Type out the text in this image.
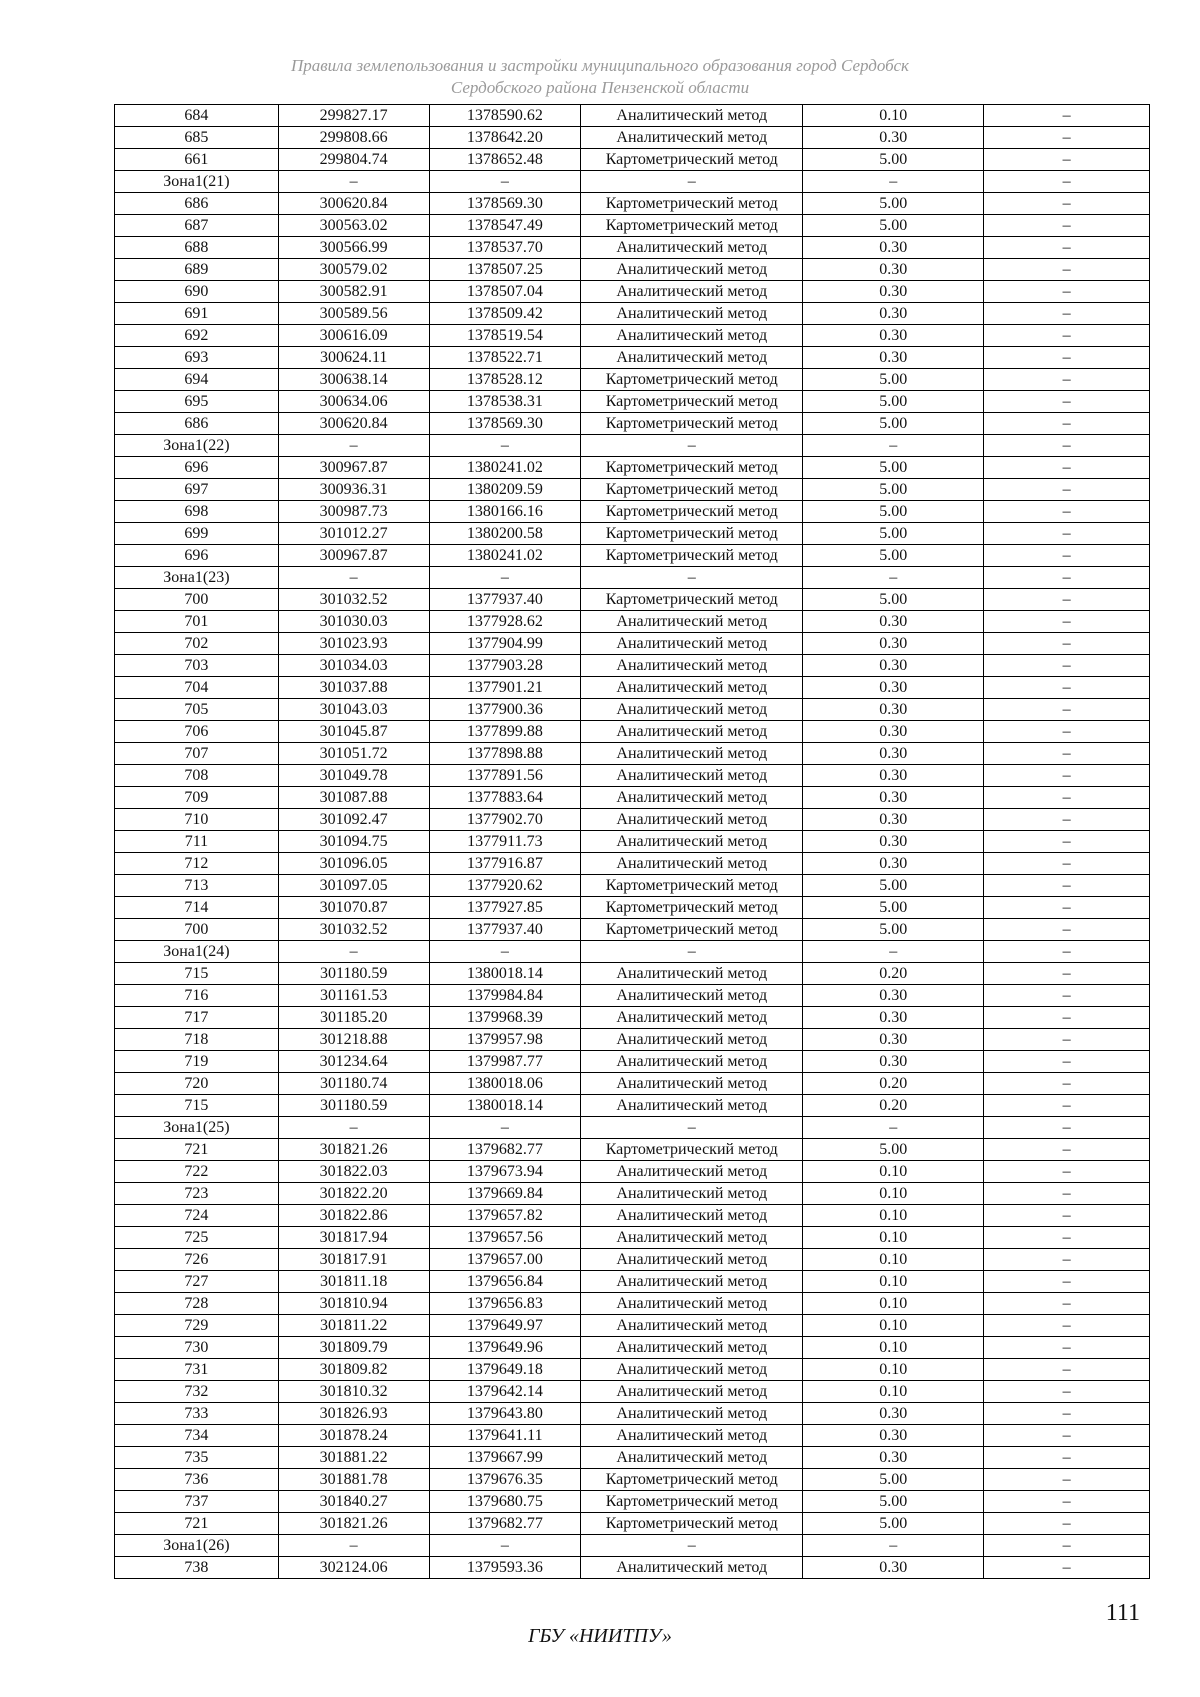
Правила землепользования и застройки муниципального образования город Сердобск
Сердобского района Пензенской области
684	299827.17	1378590.62	Аналитический метод	0.10	–
685	299808.66	1378642.20	Аналитический метод	0.30	–
661	299804.74	1378652.48	Картометрический метод	5.00	–
Зона1(21)	–	–	–	–	–
686	300620.84	1378569.30	Картометрический метод	5.00	–
687	300563.02	1378547.49	Картометрический метод	5.00	–
688	300566.99	1378537.70	Аналитический метод	0.30	–
689	300579.02	1378507.25	Аналитический метод	0.30	–
690	300582.91	1378507.04	Аналитический метод	0.30	–
691	300589.56	1378509.42	Аналитический метод	0.30	–
692	300616.09	1378519.54	Аналитический метод	0.30	–
693	300624.11	1378522.71	Аналитический метод	0.30	–
694	300638.14	1378528.12	Картометрический метод	5.00	–
695	300634.06	1378538.31	Картометрический метод	5.00	–
686	300620.84	1378569.30	Картометрический метод	5.00	–
Зона1(22)	–	–	–	–	–
696	300967.87	1380241.02	Картометрический метод	5.00	–
697	300936.31	1380209.59	Картометрический метод	5.00	–
698	300987.73	1380166.16	Картометрический метод	5.00	–
699	301012.27	1380200.58	Картометрический метод	5.00	–
696	300967.87	1380241.02	Картометрический метод	5.00	–
Зона1(23)	–	–	–	–	–
700	301032.52	1377937.40	Картометрический метод	5.00	–
701	301030.03	1377928.62	Аналитический метод	0.30	–
702	301023.93	1377904.99	Аналитический метод	0.30	–
703	301034.03	1377903.28	Аналитический метод	0.30	–
704	301037.88	1377901.21	Аналитический метод	0.30	–
705	301043.03	1377900.36	Аналитический метод	0.30	–
706	301045.87	1377899.88	Аналитический метод	0.30	–
707	301051.72	1377898.88	Аналитический метод	0.30	–
708	301049.78	1377891.56	Аналитический метод	0.30	–
709	301087.88	1377883.64	Аналитический метод	0.30	–
710	301092.47	1377902.70	Аналитический метод	0.30	–
711	301094.75	1377911.73	Аналитический метод	0.30	–
712	301096.05	1377916.87	Аналитический метод	0.30	–
713	301097.05	1377920.62	Картометрический метод	5.00	–
714	301070.87	1377927.85	Картометрический метод	5.00	–
700	301032.52	1377937.40	Картометрический метод	5.00	–
Зона1(24)	–	–	–	–	–
715	301180.59	1380018.14	Аналитический метод	0.20	–
716	301161.53	1379984.84	Аналитический метод	0.30	–
717	301185.20	1379968.39	Аналитический метод	0.30	–
718	301218.88	1379957.98	Аналитический метод	0.30	–
719	301234.64	1379987.77	Аналитический метод	0.30	–
720	301180.74	1380018.06	Аналитический метод	0.20	–
715	301180.59	1380018.14	Аналитический метод	0.20	–
Зона1(25)	–	–	–	–	–
721	301821.26	1379682.77	Картометрический метод	5.00	–
722	301822.03	1379673.94	Аналитический метод	0.10	–
723	301822.20	1379669.84	Аналитический метод	0.10	–
724	301822.86	1379657.82	Аналитический метод	0.10	–
725	301817.94	1379657.56	Аналитический метод	0.10	–
726	301817.91	1379657.00	Аналитический метод	0.10	–
727	301811.18	1379656.84	Аналитический метод	0.10	–
728	301810.94	1379656.83	Аналитический метод	0.10	–
729	301811.22	1379649.97	Аналитический метод	0.10	–
730	301809.79	1379649.96	Аналитический метод	0.10	–
731	301809.82	1379649.18	Аналитический метод	0.10	–
732	301810.32	1379642.14	Аналитический метод	0.10	–
733	301826.93	1379643.80	Аналитический метод	0.30	–
734	301878.24	1379641.11	Аналитический метод	0.30	–
735	301881.22	1379667.99	Аналитический метод	0.30	–
736	301881.78	1379676.35	Картометрический метод	5.00	–
737	301840.27	1379680.75	Картометрический метод	5.00	–
721	301821.26	1379682.77	Картометрический метод	5.00	–
Зона1(26)	–	–	–	–	–
738	302124.06	1379593.36	Аналитический метод	0.30	–
111
ГБУ «НИИТПУ»
